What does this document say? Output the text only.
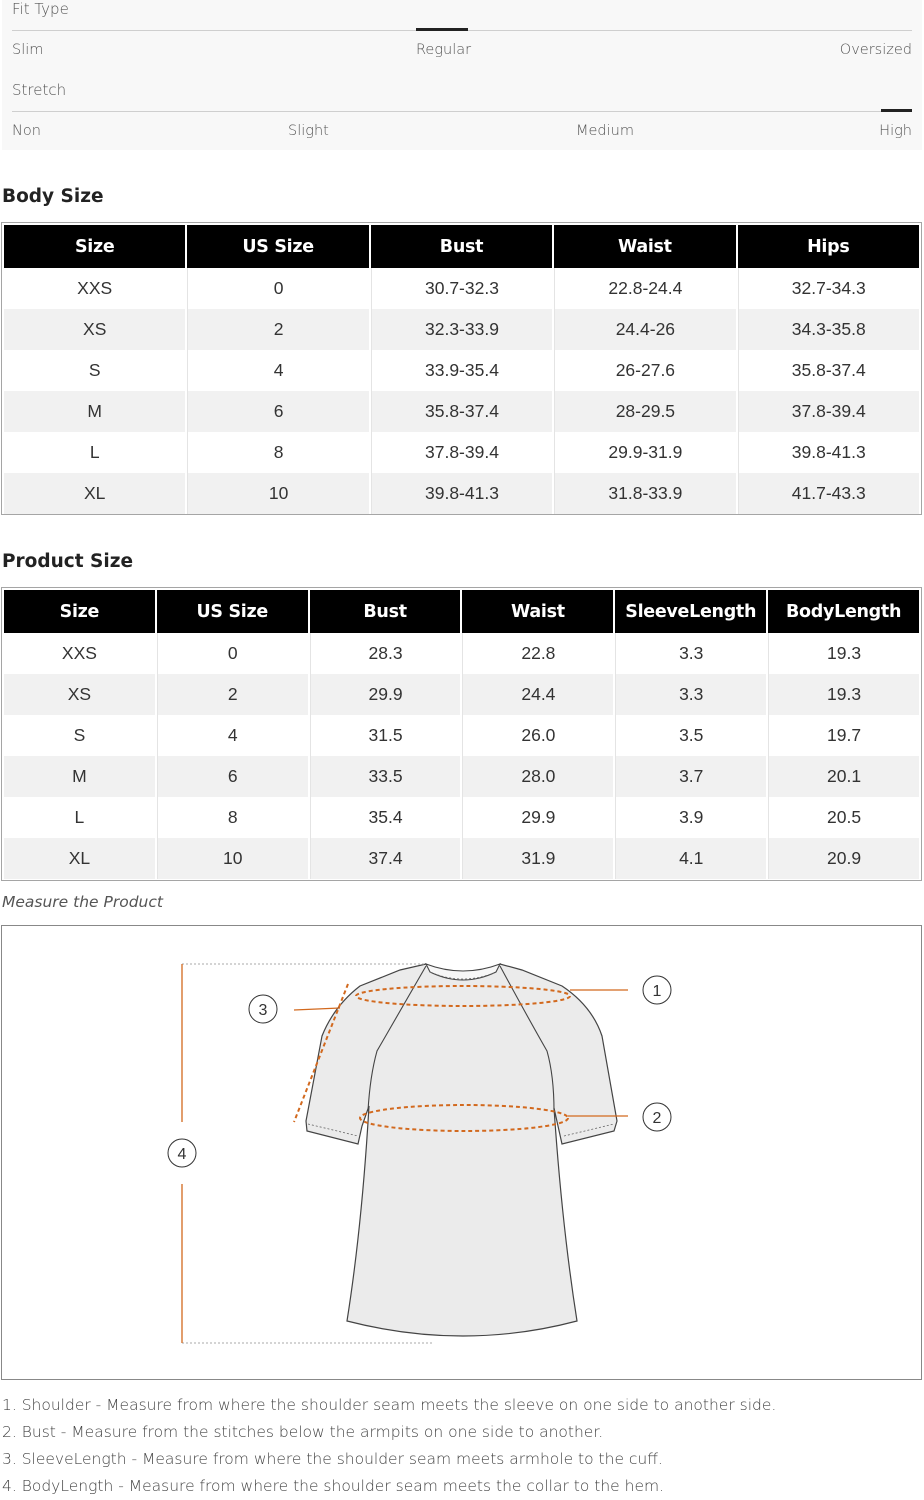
Fit Type
Slim	Regular	Oversized
Stretch
Non	Slight	Medium	High
Body Size
Size	US Size	Bust	Waist	Hips
XXS	0	30.7-32.3	22.8-24.4	32.7-34.3
XS	2	32.3-33.9	24.4-26	34.3-35.8
S	4	33.9-35.4	26-27.6	35.8-37.4
M	6	35.8-37.4	28-29.5	37.8-39.4
L	8	37.8-39.4	29.9-31.9	39.8-41.3
XL	10	39.8-41.3	31.8-33.9	41.7-43.3
Product Size
Size	US Size	Bust	Waist	SleeveLength	BodyLength
XXS	0	28.3	22.8	3.3	19.3
XS	2	29.9	24.4	3.3	19.3
S	4	31.5	26.0	3.5	19.7
M	6	33.5	28.0	3.7	20.1
L	8	35.4	29.9	3.9	20.5
XL	10	37.4	31.9	4.1	20.9
Measure the Product
1
2
3
4
1. Shoulder - Measure from where the shoulder seam meets the sleeve on one side to another side.
2. Bust - Measure from the stitches below the armpits on one side to another.
3. SleeveLength - Measure from where the shoulder seam meets armhole to the cuff.
4. BodyLength - Measure from where the shoulder seam meets the collar to the hem.
